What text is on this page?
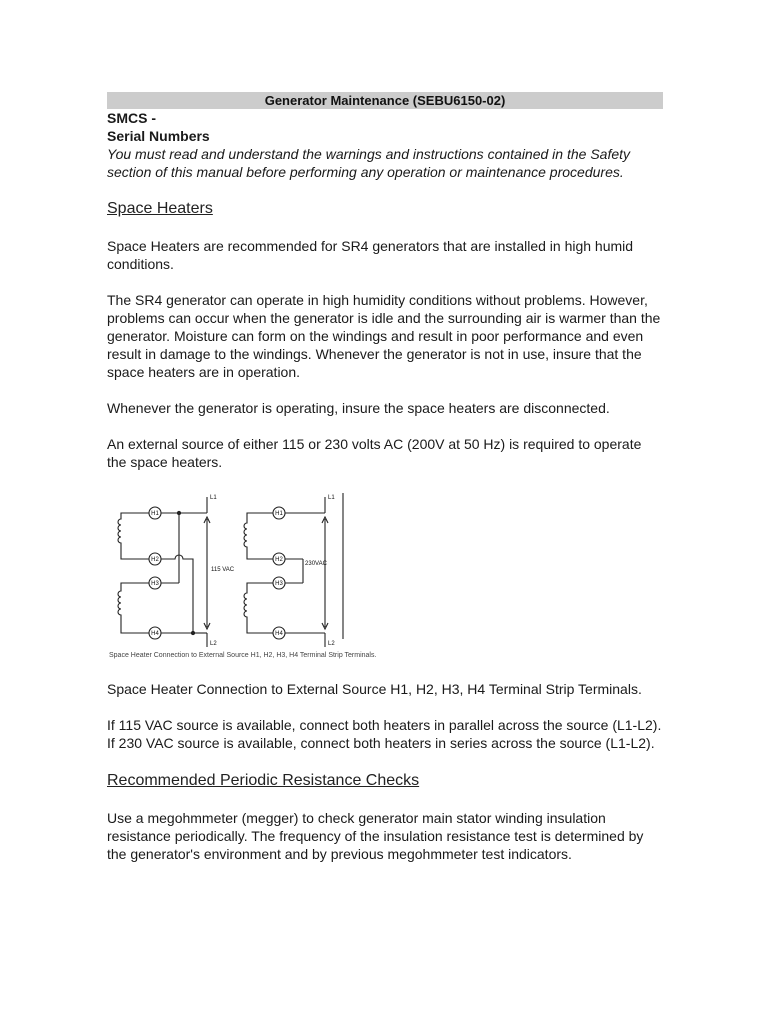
Generator Maintenance (SEBU6150-02)
SMCS -
Serial Numbers

You must read and understand the warnings and instructions contained in the Safety section of this manual before performing any operation or maintenance procedures.

Space Heaters

Space Heaters are recommended for SR4 generators that are installed in high humid conditions.

The SR4 generator can operate in high humidity conditions without problems. However, problems can occur when the generator is idle and the surrounding air is warmer than the generator. Moisture can form on the windings and result in poor performance and even result in damage to the windings. Whenever the generator is not in use, insure that the space heaters are in operation.

Whenever the generator is operating, insure the space heaters are disconnected.

An external source of either 115 or 230 volts AC (200V at 50 Hz) is required to operate the space heaters.

H1
H2
H3
H4
L1
L2
115 VAC
H1
H2
H3
H4
L1
L2
230VAC
Space Heater Connection to External Source H1, H2, H3, H4 Terminal Strip Terminals.

Space Heater Connection to External Source H1, H2, H3, H4 Terminal Strip Terminals.

If 115 VAC source is available, connect both heaters in parallel across the source (L1-L2). If 230 VAC source is available, connect both heaters in series across the source (L1-L2).

Recommended Periodic Resistance Checks

Use a megohmmeter (megger) to check generator main stator winding insulation resistance periodically. The frequency of the insulation resistance test is determined by the generator's environment and by previous megohmmeter test indicators.
